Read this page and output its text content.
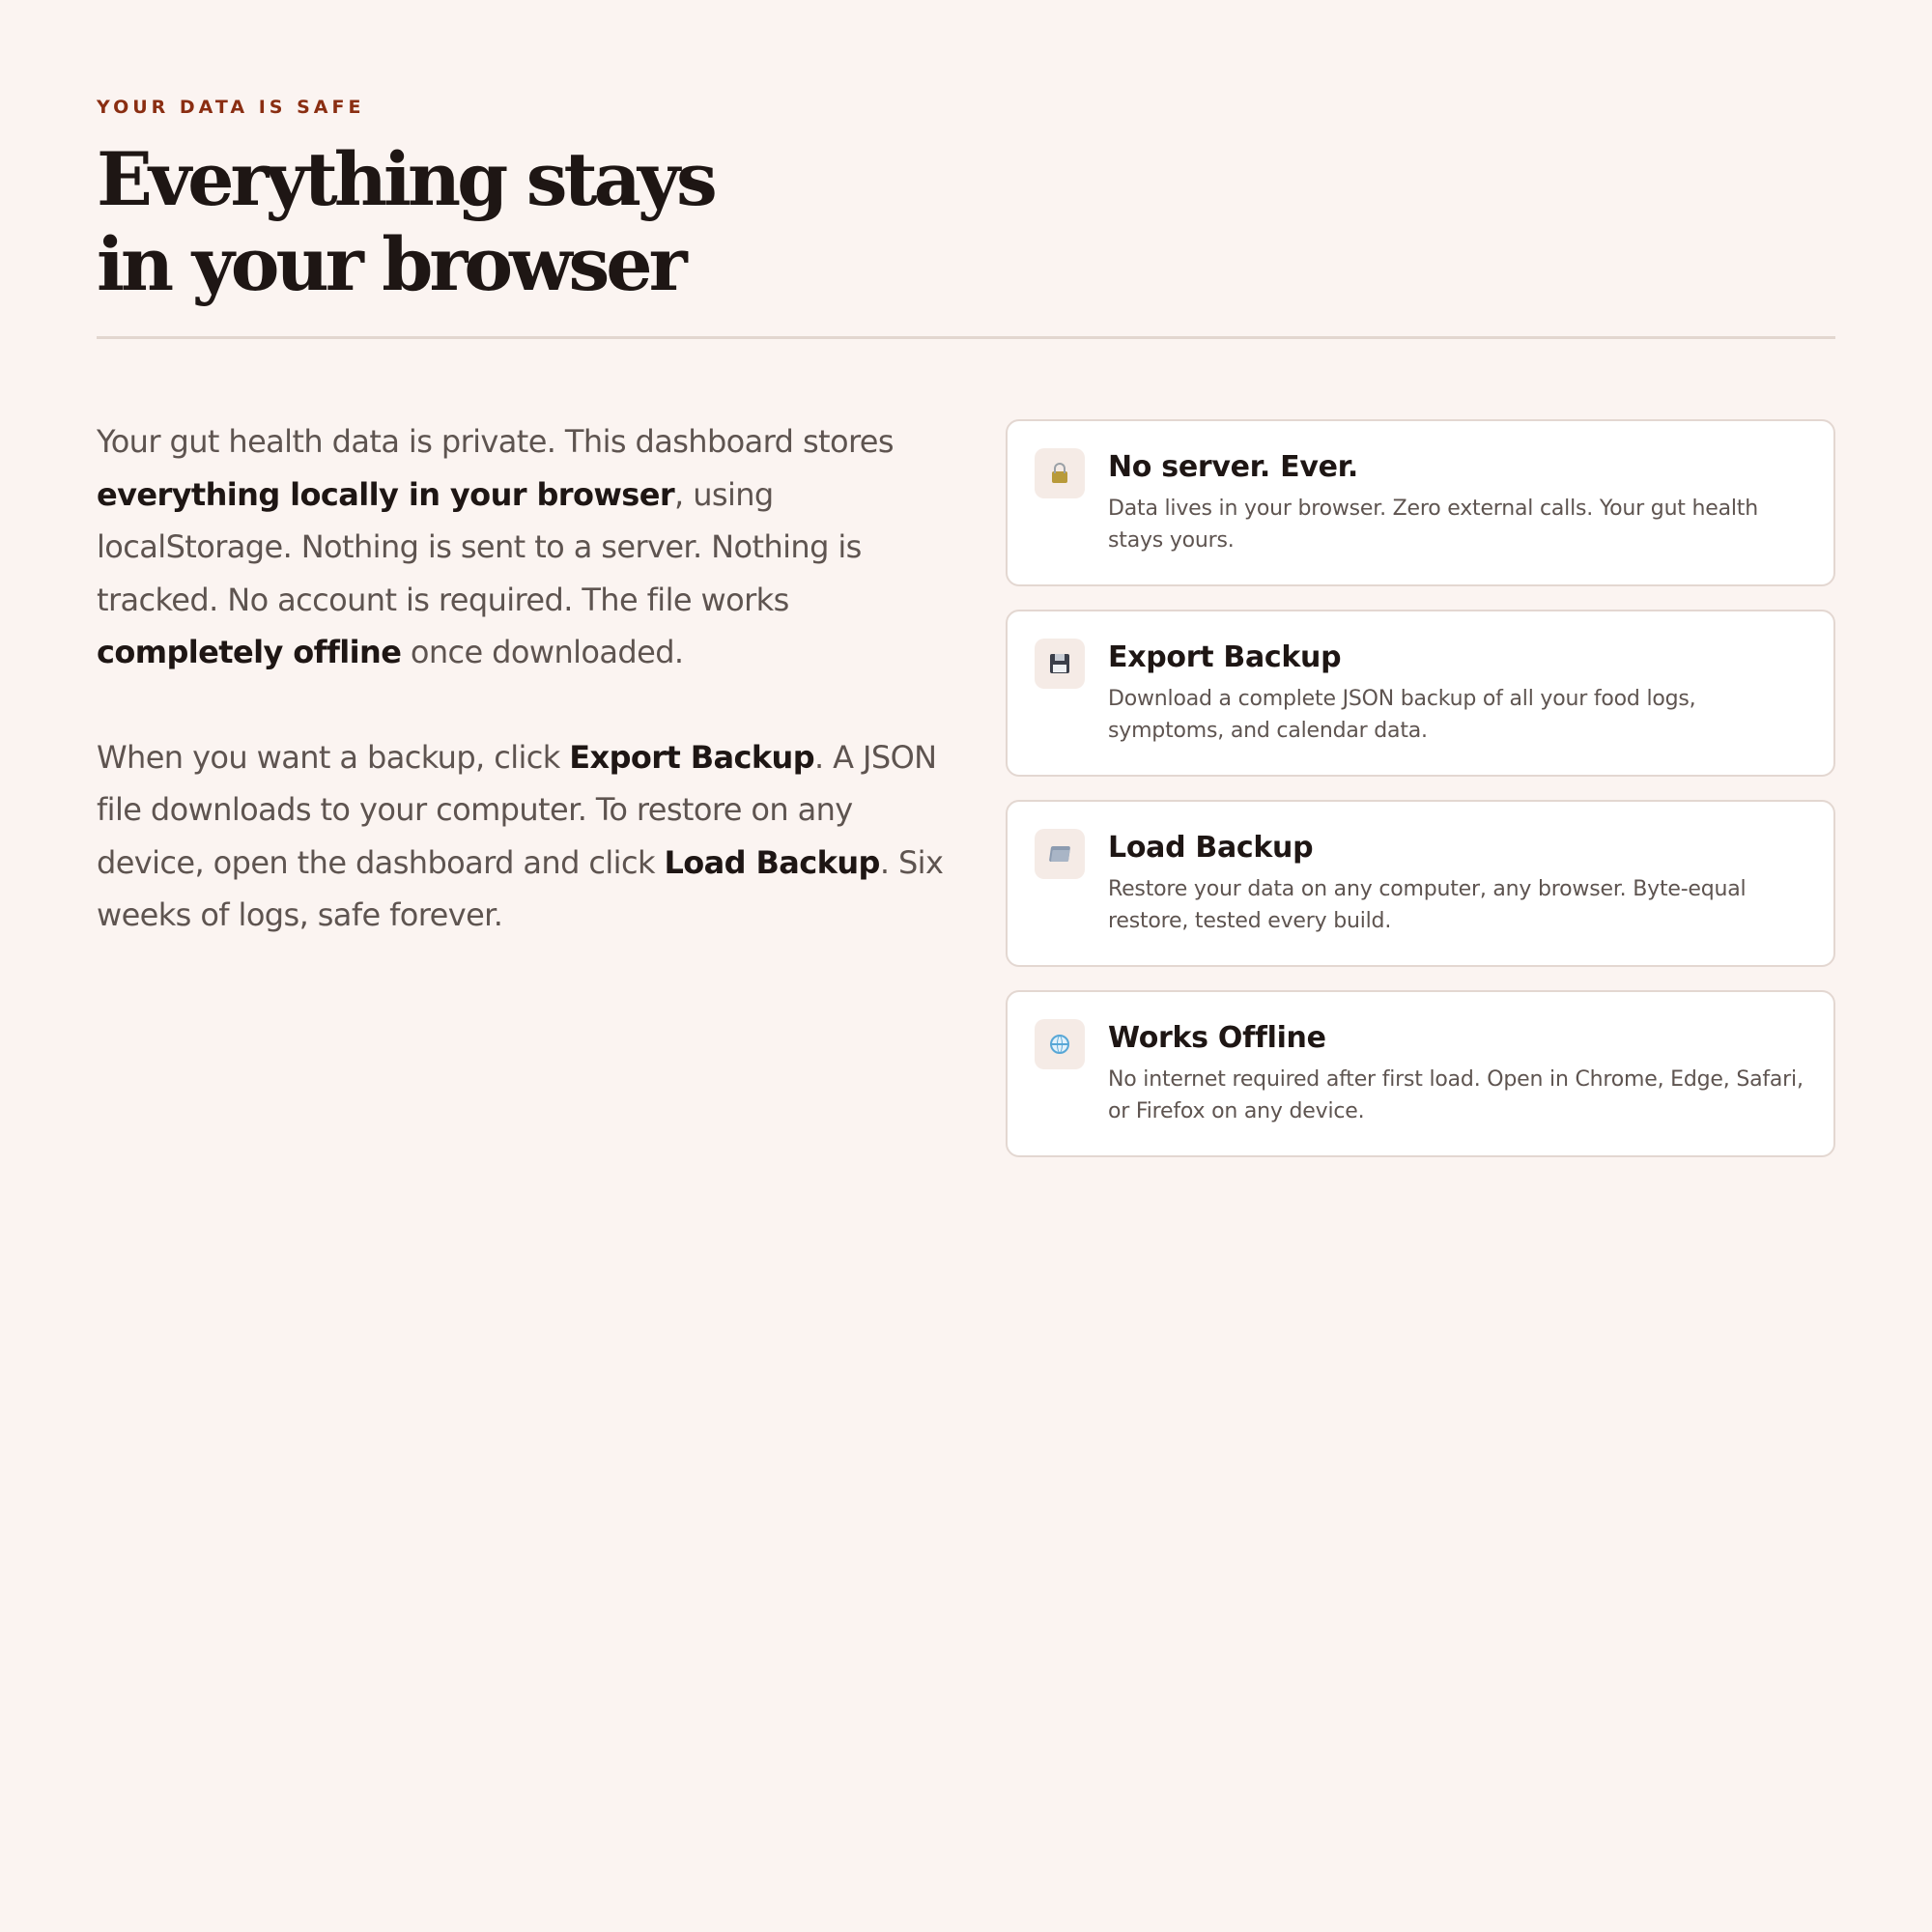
YOUR DATA IS SAFE

Everything stays
in your browser

Your gut health data is private. This dashboard stores everything locally in your browser, using localStorage. Nothing is sent to a server. Nothing is tracked. No account is required. The file works completely offline once downloaded.

When you want a backup, click Export Backup. A JSON file downloads to your computer. To restore on any device, open the dashboard and click Load Backup. Six weeks of logs, safe forever.

No server. Ever.

Data lives in your browser. Zero external calls. Your gut health stays yours.

Export Backup

Download a complete JSON backup of all your food logs, symptoms, and calendar data.

Load Backup

Restore your data on any computer, any browser. Byte-equal restore, tested every build.

Works Offline

No internet required after first load. Open in Chrome, Edge, Safari, or Firefox on any device.
